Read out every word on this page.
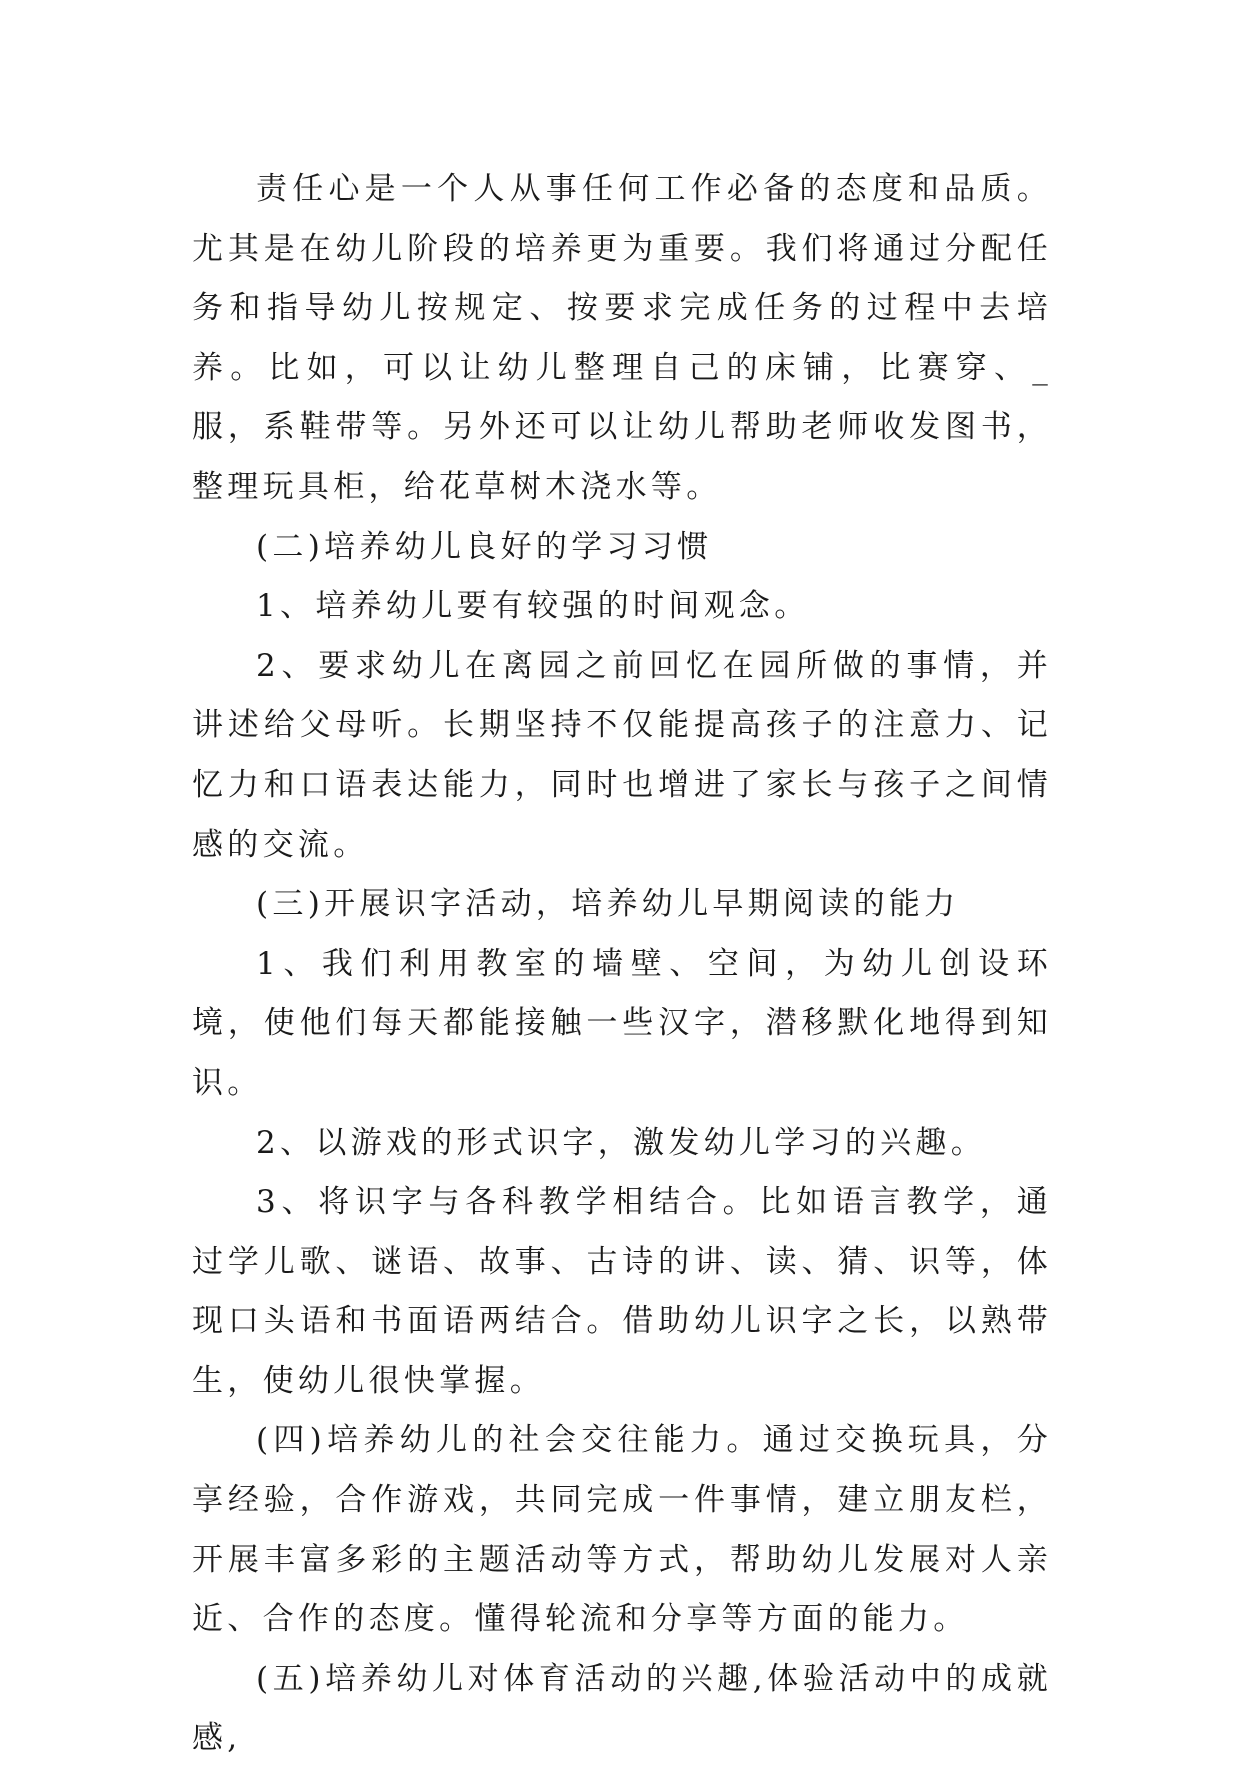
责任心是一个人从事任何工作必备的态度和品质。尤其是在幼儿阶段的培养更为重要。我们将通过分配任务和指导幼儿按规定、按要求完成任务的过程中去培养。比如，可以让幼儿整理自己的床铺，比赛穿、_服，系鞋带等。另外还可以让幼儿帮助老师收发图书，整理玩具柜，给花草树木浇水等。

(二)培养幼儿良好的学习习惯

1、培养幼儿要有较强的时间观念。

2、要求幼儿在离园之前回忆在园所做的事情，并讲述给父母听。长期坚持不仅能提高孩子的注意力、记忆力和口语表达能力，同时也增进了家长与孩子之间情感的交流。

(三)开展识字活动，培养幼儿早期阅读的能力

1、我们利用教室的墙壁、空间，为幼儿创设环境，使他们每天都能接触一些汉字，潜移默化地得到知识。

2、以游戏的形式识字，激发幼儿学习的兴趣。

3、将识字与各科教学相结合。比如语言教学，通过学儿歌、谜语、故事、古诗的讲、读、猜、识等，体现口头语和书面语两结合。借助幼儿识字之长，以熟带生，使幼儿很快掌握。

(四)培养幼儿的社会交往能力。通过交换玩具，分享经验，合作游戏，共同完成一件事情，建立朋友栏，开展丰富多彩的主题活动等方式，帮助幼儿发展对人亲近、合作的态度。懂得轮流和分享等方面的能力。

(五)培养幼儿对体育活动的兴趣,体验活动中的成就感,
